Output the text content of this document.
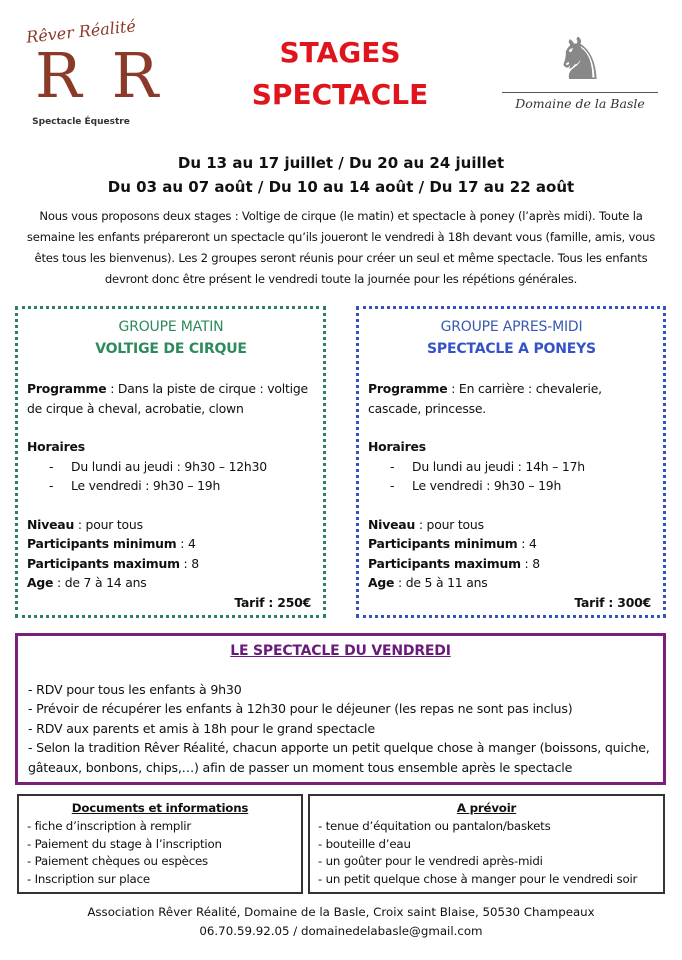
Rêver Réalité
RR
Spectacle Équestre
STAGES
SPECTACLE
♞
Domaine de la Basle
Du 13 au 17 juillet / Du 20 au 24 juillet
Du 03 au 07 août / Du 10 au 14 août / Du 17 au 22 août
Nous vous proposons deux stages : Voltige de cirque (le matin) et spectacle à poney (l’après midi). Toute la semaine les enfants prépareront un spectacle qu’ils joueront le vendredi à 18h devant vous (famille, amis, vous êtes tous les bienvenus). Les 2 groupes seront réunis pour créer un seul et même spectacle. Tous les enfants devront donc être présent le vendredi toute la journée pour les répétions générales.
GROUPE MATIN
VOLTIGE DE CIRQUE
Programme : Dans la piste de cirque : voltige de cirque à cheval, acrobatie, clown
Horaires
- Du lundi au jeudi : 9h30 – 12h30
- Le vendredi : 9h30 – 19h
Niveau : pour tous
Participants minimum : 4
Participants maximum : 8
Age : de 7 à 14 ans
Tarif : 250€
GROUPE APRES-MIDI
SPECTACLE A PONEYS
Programme : En carrière : chevalerie, cascade, princesse.
Horaires
- Du lundi au jeudi : 14h – 17h
- Le vendredi : 9h30 – 19h
Niveau : pour tous
Participants minimum : 4
Participants maximum : 8
Age : de 5 à 11 ans
Tarif : 300€
LE SPECTACLE DU VENDREDI
- RDV pour tous les enfants à 9h30
- Prévoir de récupérer les enfants à 12h30 pour le déjeuner (les repas ne sont pas inclus)
- RDV aux parents et amis à 18h pour le grand spectacle
- Selon la tradition Rêver Réalité, chacun apporte un petit quelque chose à manger (boissons, quiche, gâteaux, bonbons, chips,…) afin de passer un moment tous ensemble après le spectacle
Documents et informations
- fiche d’inscription à remplir
- Paiement du stage à l’inscription
- Paiement chèques ou espèces
- Inscription sur place
A prévoir
- tenue d’équitation ou pantalon/baskets
- bouteille d’eau
- un goûter pour le vendredi après-midi
- un petit quelque chose à manger pour le vendredi soir
Association Rêver Réalité, Domaine de la Basle, Croix saint Blaise, 50530 Champeaux
06.70.59.92.05 / domainedelabasle@gmail.com
